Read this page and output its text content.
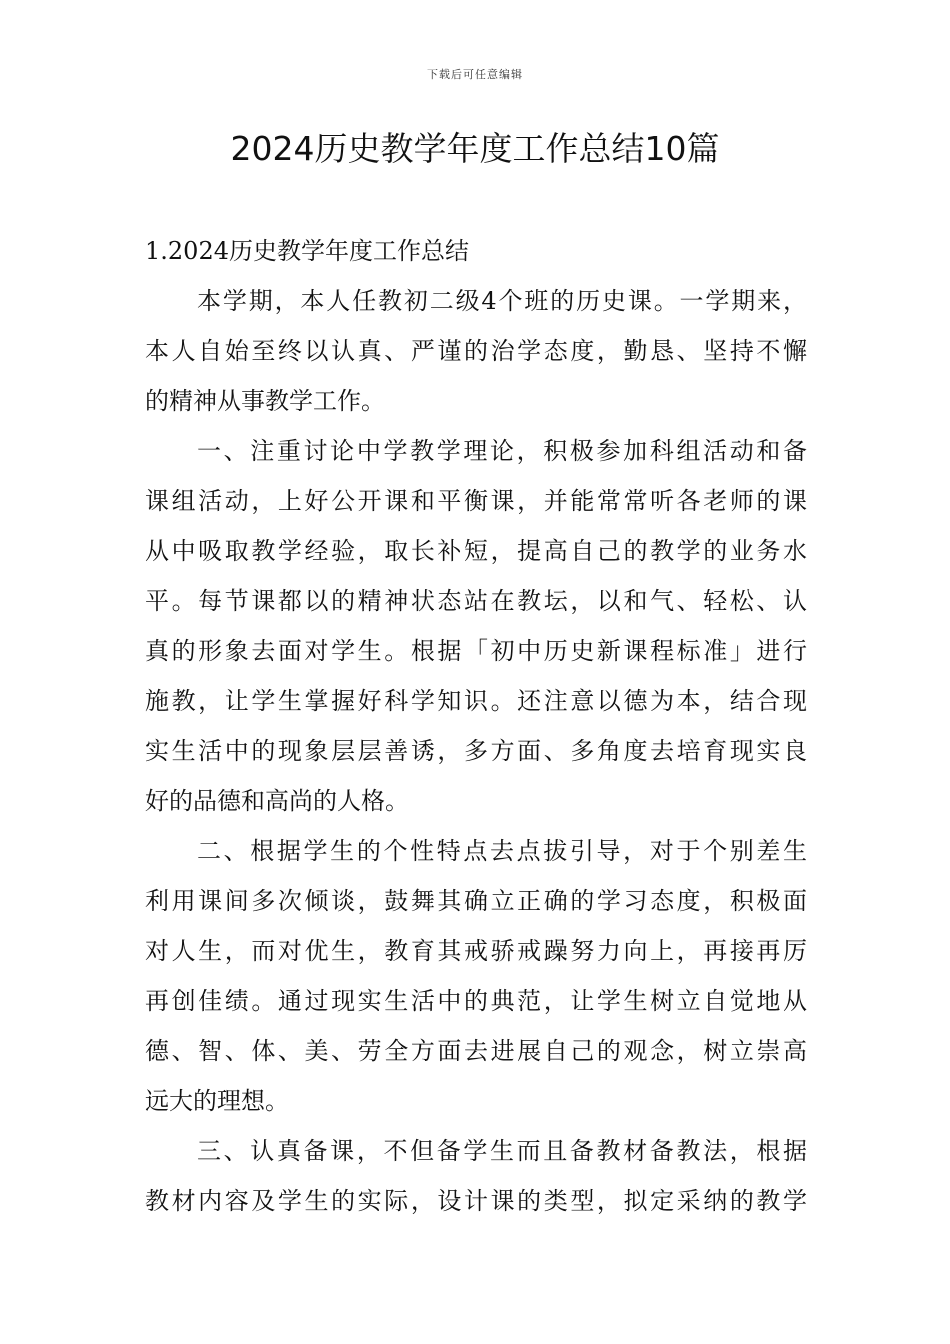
下载后可任意编辑
2024历史教学年度工作总结10篇
1.2024历史教学年度工作总结
本学期，本人任教初二级4个班的历史课。一学期来，
本人自始至终以认真、严谨的治学态度，勤恳、坚持不懈
的精神从事教学工作。
一、注重讨论中学教学理论，积极参加科组活动和备
课组活动，上好公开课和平衡课，并能常常听各老师的课
从中吸取教学经验，取长补短，提高自己的教学的业务水
平。每节课都以的精神状态站在教坛，以和气、轻松、认
真的形象去面对学生。根据「初中历史新课程标准」进行
施教，让学生掌握好科学知识。还注意以德为本，结合现
实生活中的现象层层善诱，多方面、多角度去培育现实良
好的品德和高尚的人格。
二、根据学生的个性特点去点拔引导，对于个别差生
利用课间多次倾谈，鼓舞其确立正确的学习态度，积极面
对人生，而对优生，教育其戒骄戒躁努力向上，再接再厉
再创佳绩。通过现实生活中的典范，让学生树立自觉地从
德、智、体、美、劳全方面去进展自己的观念，树立崇高
远大的理想。
三、认真备课，不但备学生而且备教材备教法，根据
教材内容及学生的实际，设计课的类型，拟定采纳的教学
